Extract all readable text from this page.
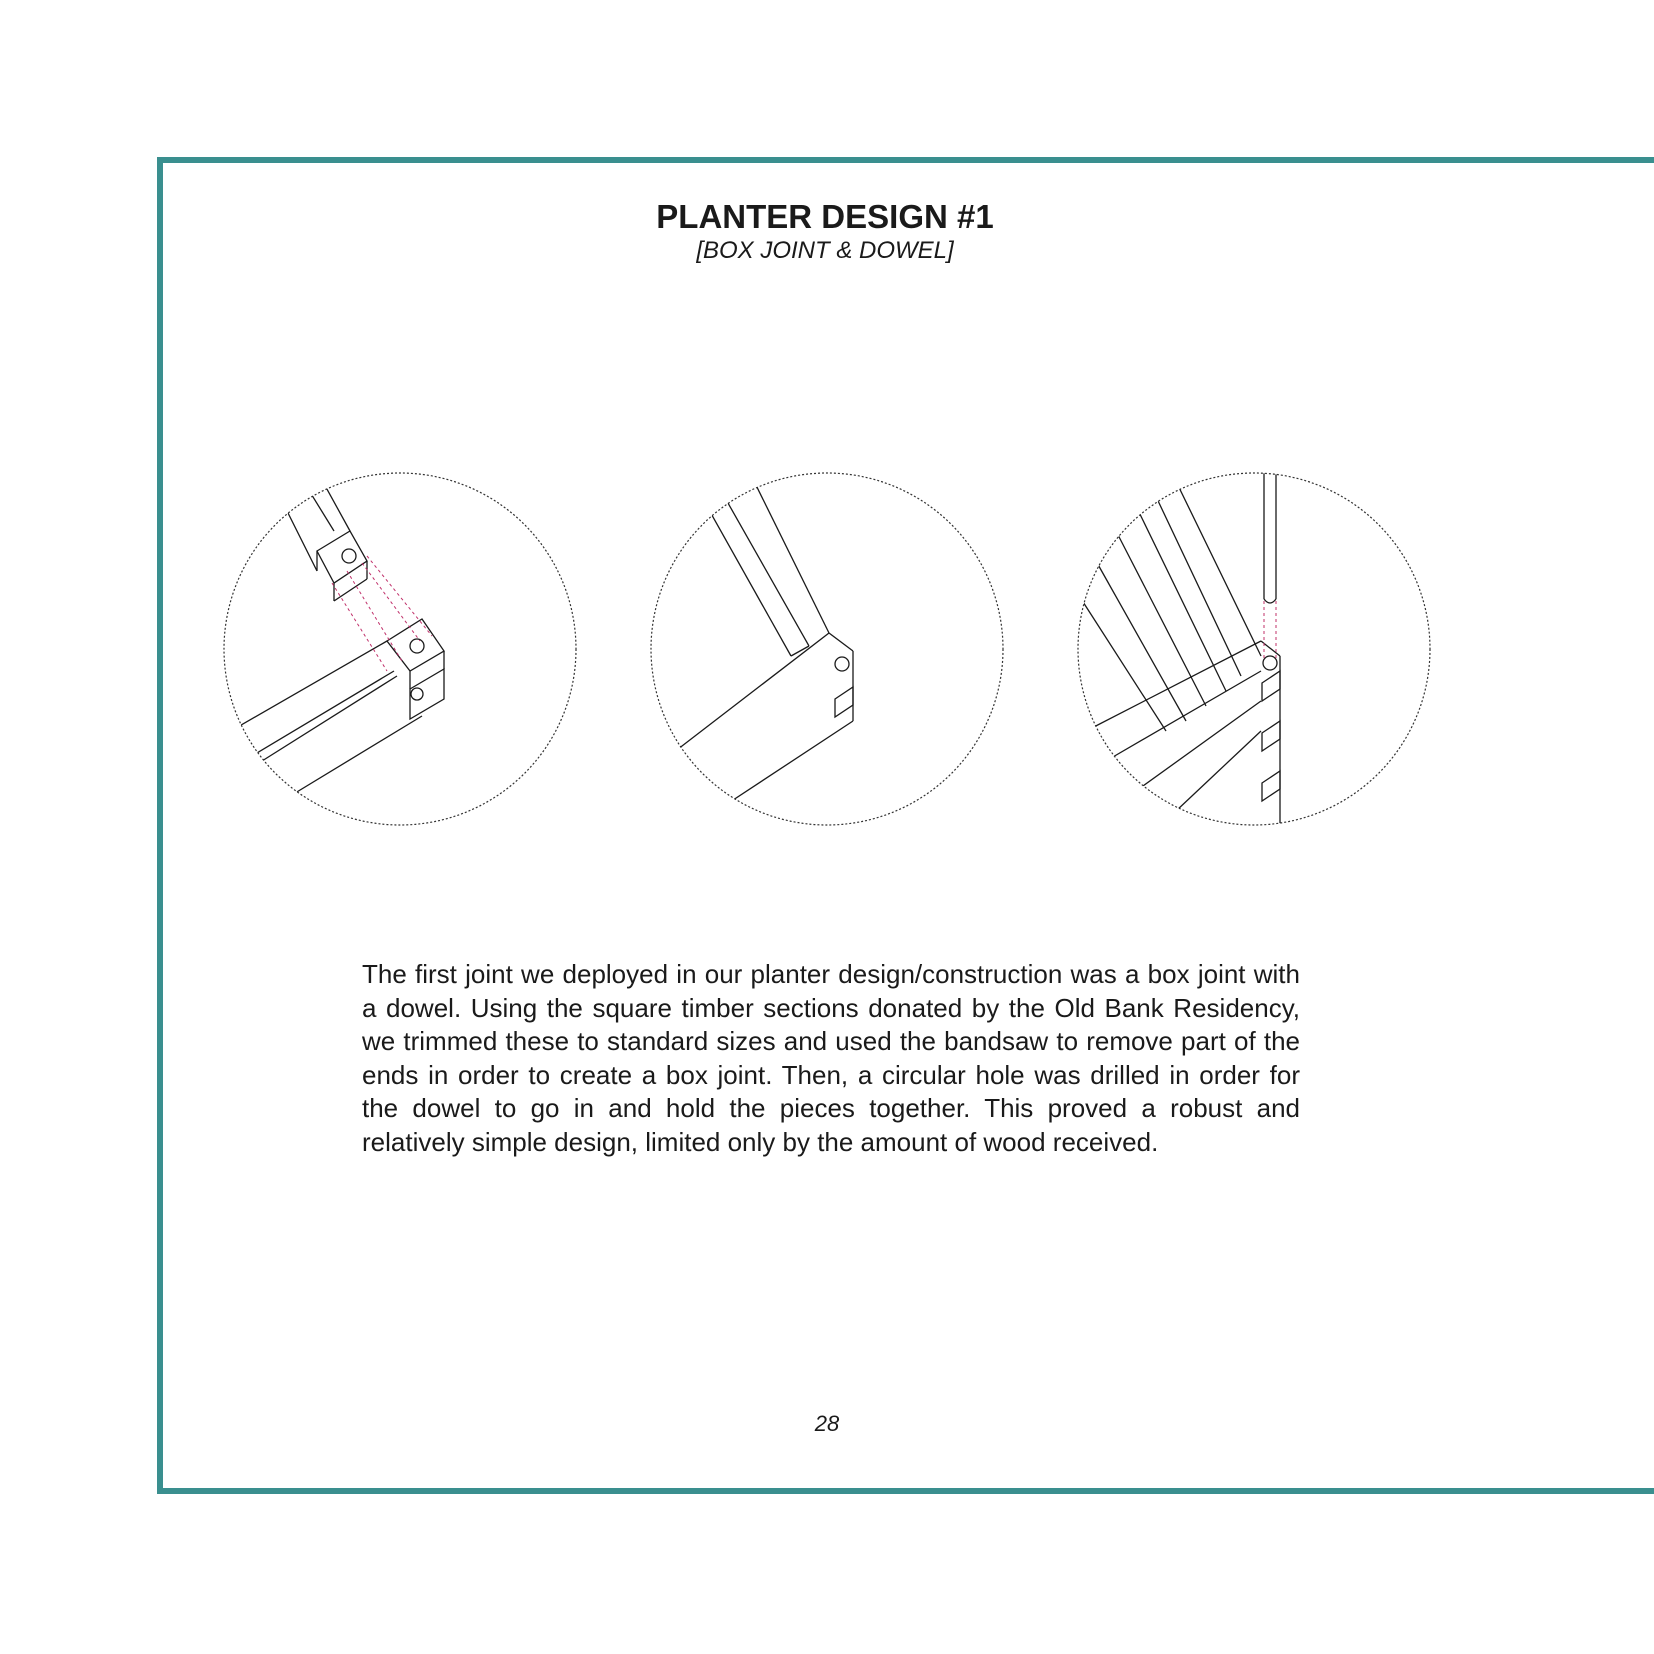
PLANTER DESIGN #1
[BOX JOINT & DOWEL]

The first joint we deployed in our planter design/construction was a box joint with a dowel. Using the square timber sections donated by the Old Bank Residency, we trimmed these to standard sizes and used the bandsaw to remove part of the ends in order to create a box joint. Then, a circular hole was drilled in order for the dowel to go in and hold the pieces together. This proved a robust and relatively simple design, limited only by the amount of wood received.

28
